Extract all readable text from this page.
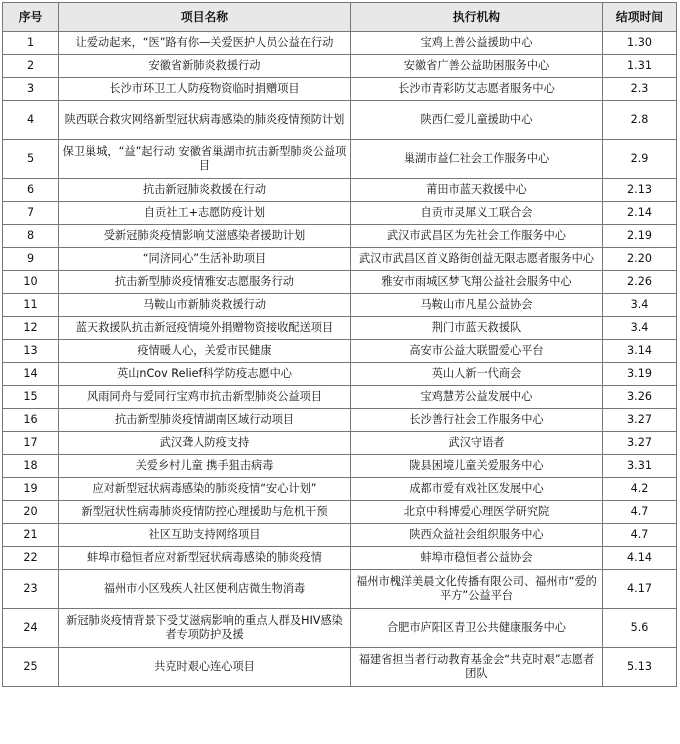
序号	项目名称	执行机构	结项时间
1	让爱动起来，“医”路有你—关爱医护人员公益在行动	宝鸡上善公益援助中心	1.30
2	安徽省新肺炎救援行动	安徽省广善公益助困服务中心	1.31
3	长沙市环卫工人防疫物资临时捐赠项目	长沙市青彩防艾志愿者服务中心	2.3
4	陕西联合救灾网络新型冠状病毒感染的肺炎疫情预防计划	陕西仁爱儿童援助中心	2.8
5	保卫巢城，“益”起行动 安徽省巢湖市抗击新型肺炎公益项目	巢湖市益仁社会工作服务中心	2.9
6	抗击新冠肺炎救援在行动	莆田市蓝天救援中心	2.13
7	自贡社工+志愿防疫计划	自贡市灵犀义工联合会	2.14
8	受新冠肺炎疫情影响艾滋感染者援助计划	武汉市武昌区为先社会工作服务中心	2.19
9	“同济同心”生活补助项目	武汉市武昌区首义路街创益无限志愿者服务中心	2.20
10	抗击新型肺炎疫情雅安志愿服务行动	雅安市雨城区梦飞翔公益社会服务中心	2.26
11	马鞍山市新肺炎救援行动	马鞍山市凡星公益协会	3.4
12	蓝天救援队抗击新冠疫情境外捐赠物资接收配送项目	荆门市蓝天救援队	3.4
13	疫情暖人心，关爱市民健康	高安市公益大联盟爱心平台	3.14
14	英山nCov Relief科学防疫志愿中心	英山人新一代商会	3.19
15	风雨同舟与爱同行宝鸡市抗击新型肺炎公益项目	宝鸡慧芳公益发展中心	3.26
16	抗击新型肺炎疫情湖南区域行动项目	长沙善行社会工作服务中心	3.27
17	武汉聋人防疫支持	武汉守语者	3.27
18	关爱乡村儿童 携手狙击病毒	陇县困境儿童关爱服务中心	3.31
19	应对新型冠状病毒感染的肺炎疫情“安心计划”	成都市爱有戏社区发展中心	4.2
20	新型冠状性病毒肺炎疫情防控心理援助与危机干预	北京中科博爱心理医学研究院	4.7
21	社区互助支持网络项目	陕西众益社会组织服务中心	4.7
22	蚌埠市稳恒者应对新型冠状病毒感染的肺炎疫情	蚌埠市稳恒者公益协会	4.14
23	福州市小区残疾人社区便利店微生物消毒	福州市槐洋美晨文化传播有限公司、福州市“爱的平方”公益平台	4.17
24	新冠肺炎疫情背景下受艾滋病影响的重点人群及HIV感染者专项防护及援	合肥市庐阳区青卫公共健康服务中心	5.6
25	共克时艰心连心项目	福建省担当者行动教育基金会“共克时艰”志愿者团队	5.13
